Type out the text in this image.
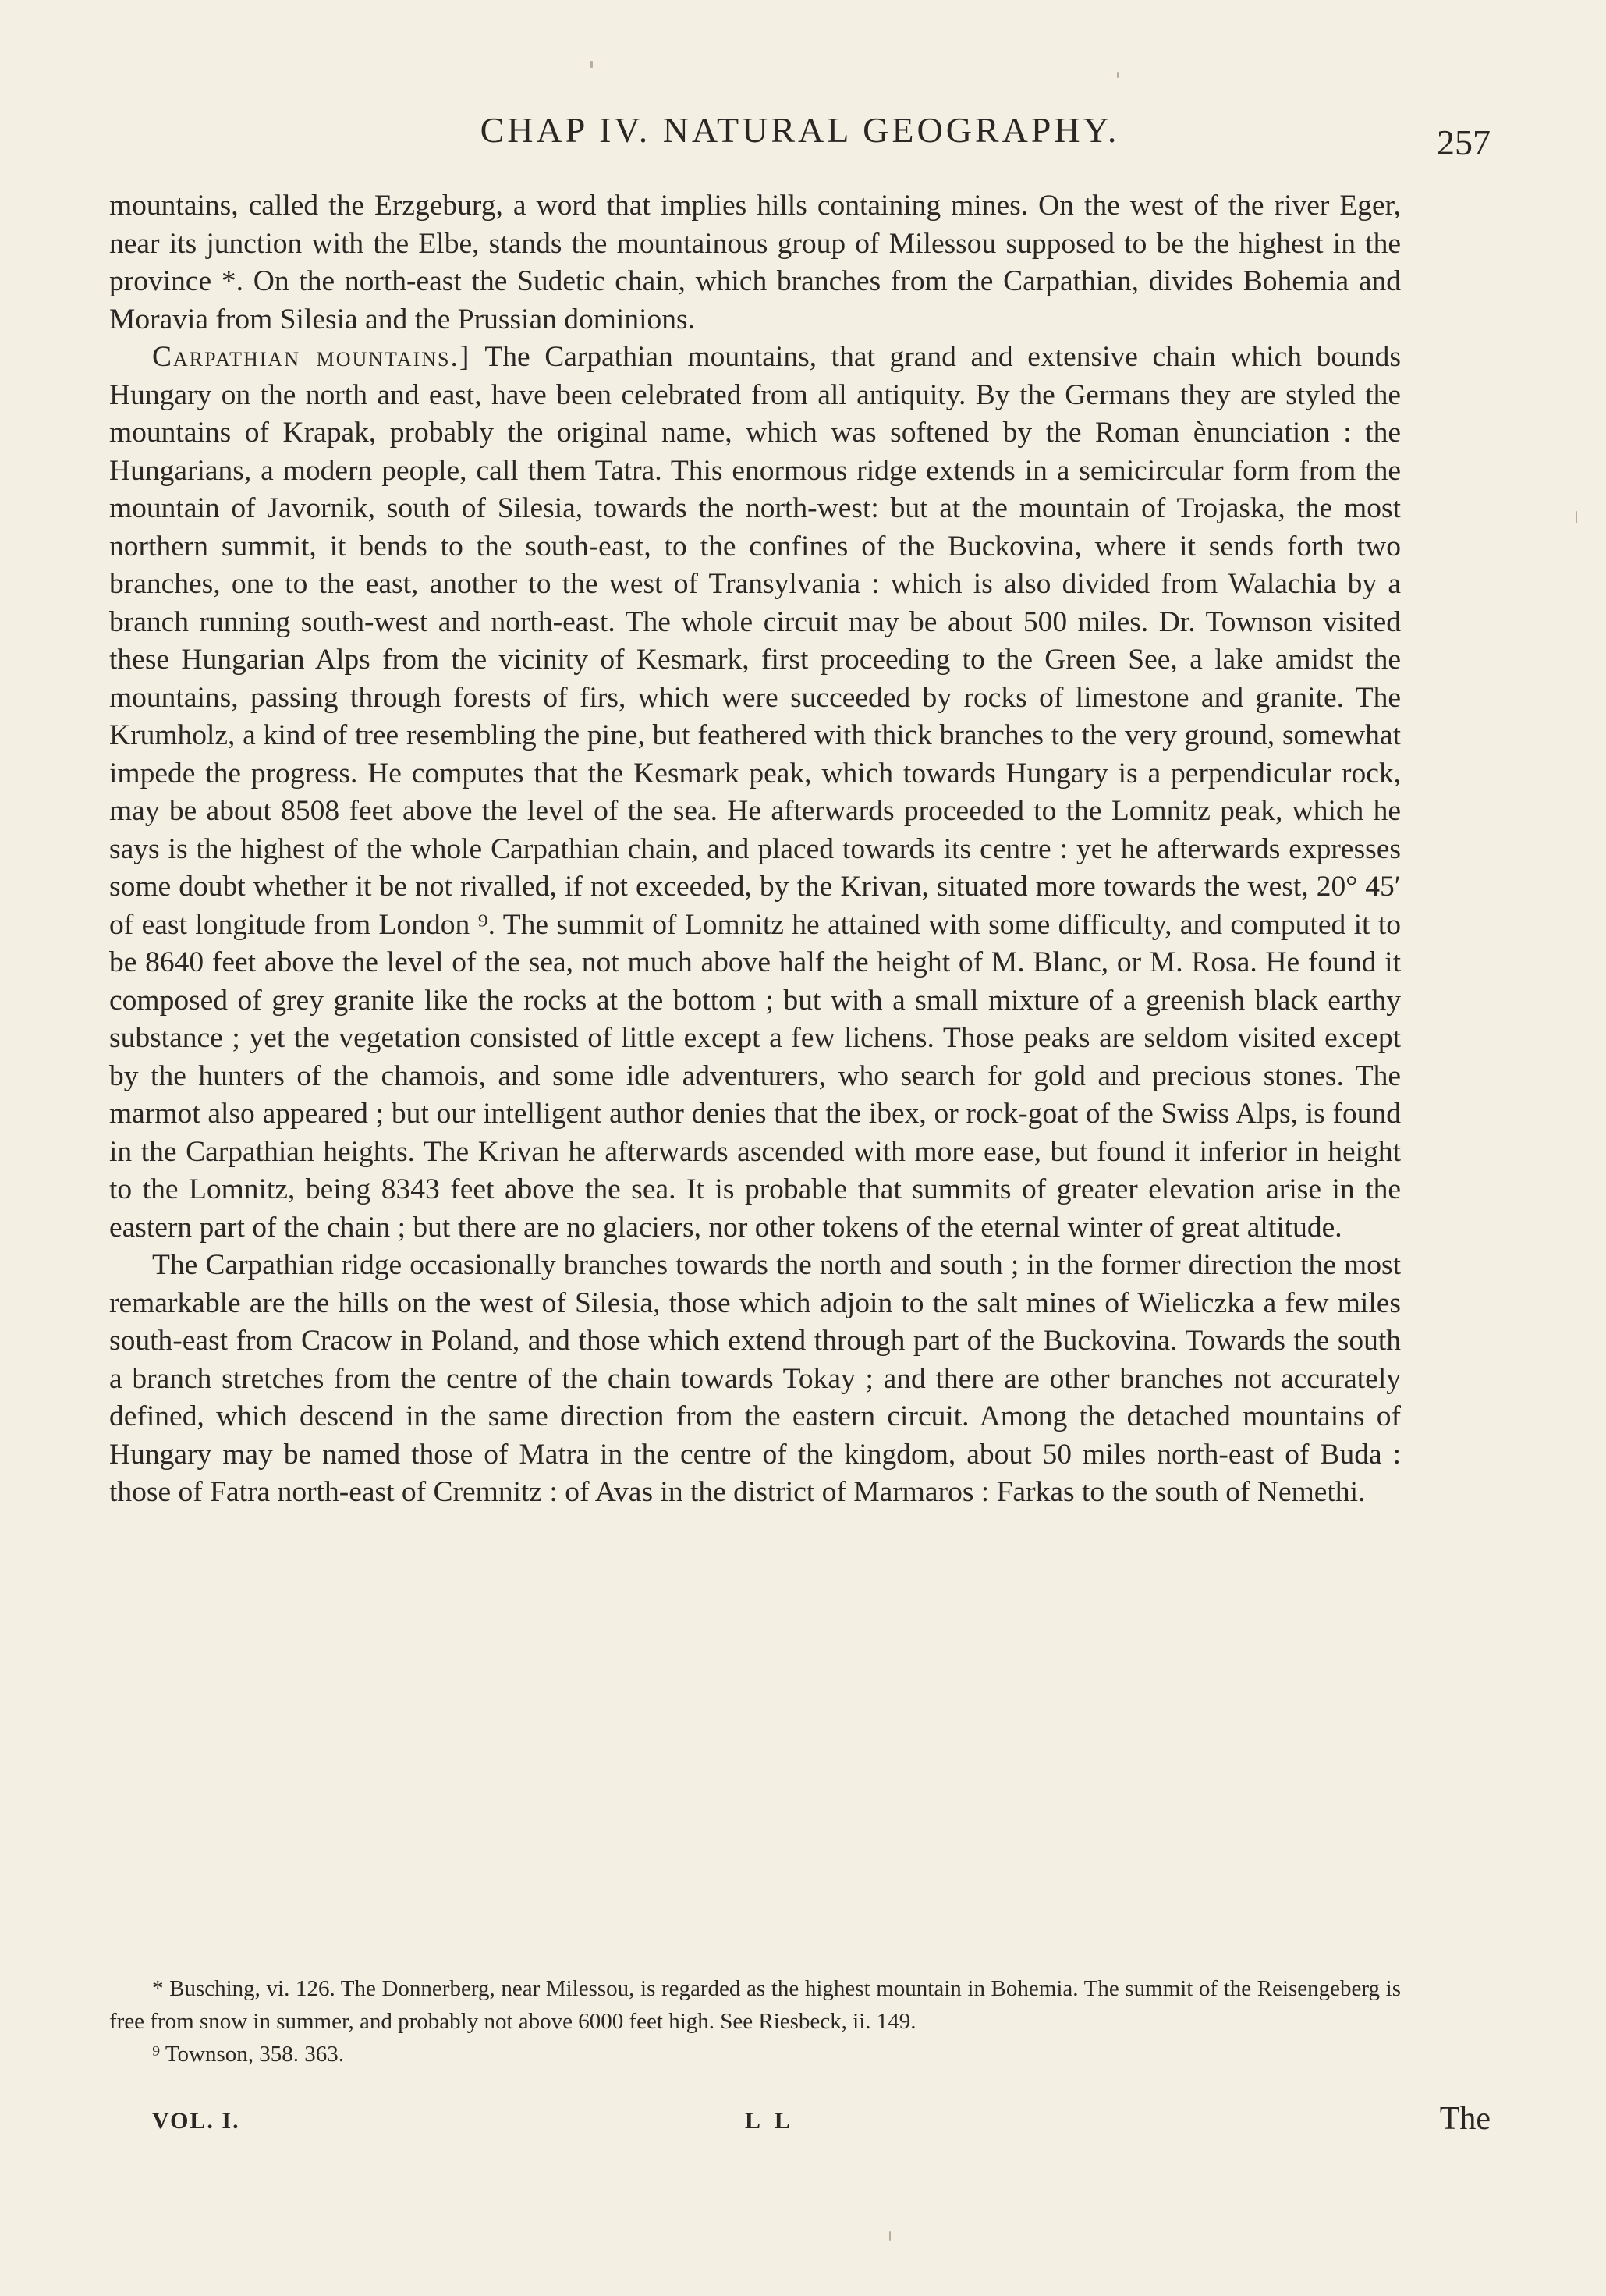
CHAP IV. NATURAL GEOGRAPHY.	257

mountains, called the Erzgeburg, a word that implies hills containing mines. On the west of the river Eger, near its junction with the Elbe, stands the mountainous group of Milessou supposed to be the highest in the province *. On the north-east the Sudetic chain, which branches from the Carpathian, divides Bohemia and Moravia from Silesia and the Prussian dominions.

Carpathian mountains.] The Carpathian mountains, that grand and extensive chain which bounds Hungary on the north and east, have been celebrated from all antiquity. By the Germans they are styled the mountains of Krapak, probably the original name, which was softened by the Roman ènunciation : the Hungarians, a modern people, call them Tatra. This enormous ridge extends in a semicircular form from the mountain of Javornik, south of Silesia, towards the north-west: but at the mountain of Trojaska, the most northern summit, it bends to the south-east, to the confines of the Buckovina, where it sends forth two branches, one to the east, another to the west of Transylvania : which is also divided from Walachia by a branch running south-west and north-east. The whole circuit may be about 500 miles. Dr. Townson visited these Hungarian Alps from the vicinity of Kesmark, first proceeding to the Green See, a lake amidst the mountains, passing through forests of firs, which were succeeded by rocks of limestone and granite. The Krumholz, a kind of tree resembling the pine, but feathered with thick branches to the very ground, somewhat impede the progress. He computes that the Kesmark peak, which towards Hungary is a perpendicular rock, may be about 8508 feet above the level of the sea. He afterwards proceeded to the Lomnitz peak, which he says is the highest of the whole Carpathian chain, and placed towards its centre : yet he afterwards expresses some doubt whether it be not rivalled, if not exceeded, by the Krivan, situated more towards the west, 20° 45′ of east longitude from London ⁹. The summit of Lomnitz he attained with some difficulty, and computed it to be 8640 feet above the level of the sea, not much above half the height of M. Blanc, or M. Rosa. He found it composed of grey granite like the rocks at the bottom ; but with a small mixture of a greenish black earthy substance ; yet the vegetation consisted of little except a few lichens. Those peaks are seldom visited except by the hunters of the chamois, and some idle adventurers, who search for gold and precious stones. The marmot also appeared ; but our intelligent author denies that the ibex, or rock-goat of the Swiss Alps, is found in the Carpathian heights. The Krivan he afterwards ascended with more ease, but found it inferior in height to the Lomnitz, being 8343 feet above the sea. It is probable that summits of greater elevation arise in the eastern part of the chain ; but there are no glaciers, nor other tokens of the eternal winter of great altitude.

The Carpathian ridge occasionally branches towards the north and south ; in the former direction the most remarkable are the hills on the west of Silesia, those which adjoin to the salt mines of Wieliczka a few miles south-east from Cracow in Poland, and those which extend through part of the Buckovina. Towards the south a branch stretches from the centre of the chain towards Tokay ; and there are other branches not accurately defined, which descend in the same direction from the eastern circuit. Among the detached mountains of Hungary may be named those of Matra in the centre of the kingdom, about 50 miles north-east of Buda : those of Fatra north-east of Cremnitz : of Avas in the district of Marmaros : Farkas to the south of Nemethi.

* Busching, vi. 126. The Donnerberg, near Milessou, is regarded as the highest mountain in Bohemia. The summit of the Reisengeberg is free from snow in summer, and probably not above 6000 feet high. See Riesbeck, ii. 149.

⁹ Townson, 358. 363.

VOL. I.	L L	The
